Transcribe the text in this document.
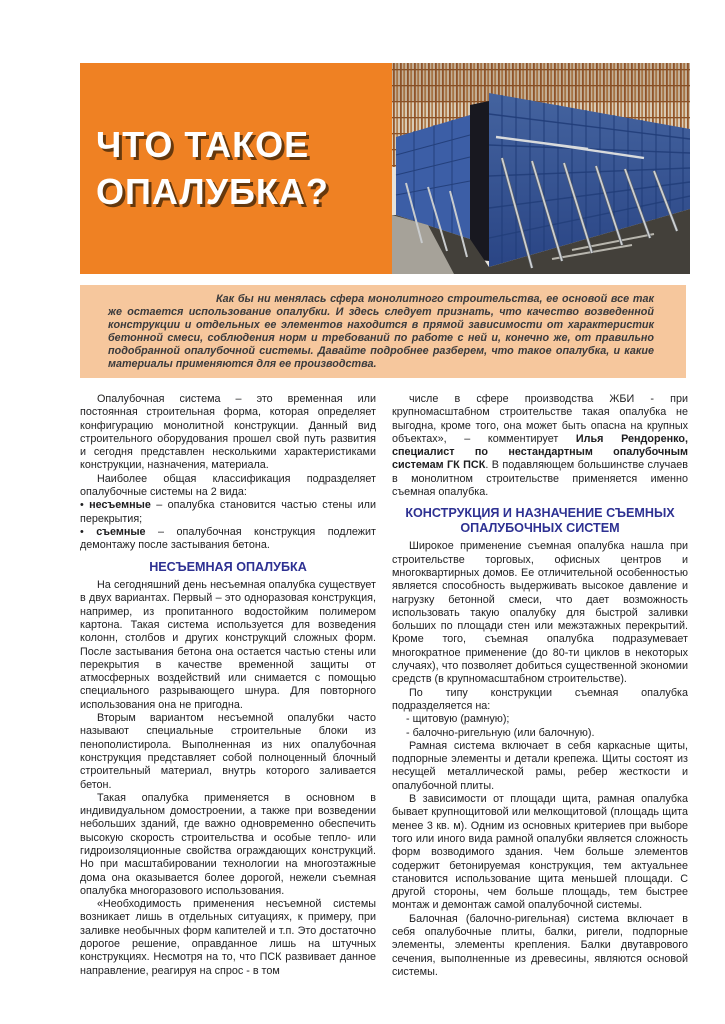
ЧТО ТАКОЕ
ОПАЛУБКА?
Как бы ни менялась сфера монолитного строительства, ее основой все так же остается использование опалубки. И здесь следует признать, что качество возведенной конструкции и отдельных ее элементов находится в прямой зависимости от характеристик бетонной смеси, соблюдения норм и требований по работе с ней и, конечно же, от правильно подобранной опалубочной системы. Давайте подробнее разберем, что такое опалубка, и какие материалы применяются для ее производства.

Опалубочная система – это временная или постоянная строительная форма, которая определяет конфигурацию монолитной конструкции. Данный вид строительного оборудования прошел свой путь развития и сегодня представлен несколькими характеристиками конструкции, назначения, материала.

Наиболее общая классификация подразделяет опалубочные системы на 2 вида:

• несъемные – опалубка становится частью стены или перекрытия;

• съемные – опалубочная конструкция подлежит демонтажу после застывания бетона.

НЕСЪЕМНАЯ ОПАЛУБКА

На сегодняшний день несъемная опалубка существует в двух вариантах. Первый – это одноразовая конструкция, например, из пропитанного водостойким полимером картона. Такая система используется для возведения колонн, столбов и других конструкций сложных форм. После застывания бетона она остается частью стены или перекрытия в качестве временной защиты от атмосферных воздействий или снимается с помощью специального разрывающего шнура. Для повторного использования она не пригодна.

Вторым вариантом несъемной опалубки часто называют специальные строительные блоки из пенополистирола. Выполненная из них опалубочная конструкция представляет собой полноценный блочный строительный материал, внутрь которого заливается бетон.

Такая опалубка применяется в основном в индивидуальном домостроении, а также при возведении небольших зданий, где важно одновременно обеспечить высокую скорость строительства и особые тепло- или гидроизоляционные свойства ограждающих конструкций. Но при масштабировании технологии на многоэтажные дома она оказывается более дорогой, нежели съемная опалубка многоразового использования.

«Необходимость применения несъемной системы возникает лишь в отдельных ситуациях, к примеру, при заливке необычных форм капителей и т.п. Это достаточно дорогое решение, оправданное лишь на штучных конструкциях. Несмотря на то, что ПСК развивает данное направление, реагируя на спрос - в том

числе в сфере производства ЖБИ - при крупномасштабном строительстве такая опалубка не выгодна, кроме того, она может быть опасна на крупных объектах», – комментирует Илья Рендоренко, специалист по нестандартным опалубочным системам ГК ПСК. В подавляющем большинстве случаев в монолитном строительстве применяется именно съемная опалубка.

КОНСТРУКЦИЯ И НАЗНАЧЕНИЕ СЪЕМНЫХ ОПАЛУБОЧНЫХ СИСТЕМ

Широкое применение съемная опалубка нашла при строительстве торговых, офисных центров и многоквартирных домов. Ее отличительной особенностью является способность выдерживать высокое давление и нагрузку бетонной смеси, что дает возможность использовать такую опалубку для быстрой заливки больших по площади стен или межэтажных перекрытий. Кроме того, съемная опалубка подразумевает многократное применение (до 80-ти циклов в некоторых случаях), что позволяет добиться существенной экономии средств (в крупномасштабном строительстве).

По типу конструкции съемная опалубка подразделяется на:

- щитовую (рамную);

- балочно-ригельную (или балочную).

Рамная система включает в себя каркасные щиты, подпорные элементы и детали крепежа. Щиты состоят из несущей металлической рамы, ребер жесткости и опалубочной плиты.

В зависимости от площади щита, рамная опалубка бывает крупнощитовой или мелкощитовой (площадь щита менее 3 кв. м). Одним из основных критериев при выборе того или иного вида рамной опалубки является сложность форм возводимого здания. Чем больше элементов содержит бетонируемая конструкция, тем актуальнее становится использование щита меньшей площади. С другой стороны, чем больше площадь, тем быстрее монтаж и демонтаж самой опалубочной системы.

Балочная (балочно-ригельная) система включает в себя опалубочные плиты, балки, ригели, подпорные элементы, элементы крепления. Балки двутаврового сечения, выполненные из древесины, являются основой системы.
